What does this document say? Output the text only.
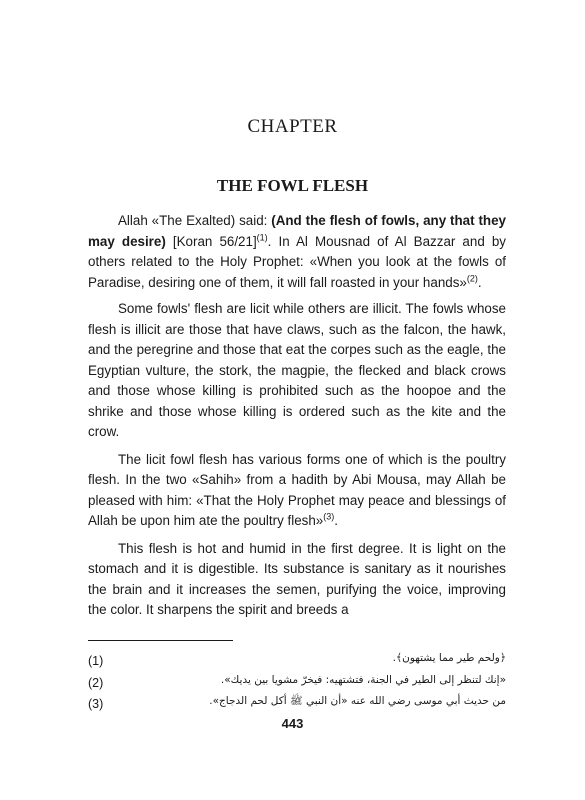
CHAPTER
THE FOWL FLESH

Allah «The Exalted) said: (And the flesh of fowls, any that they may desire) [Koran 56/21]$^{(1)}$. In Al Mousnad of Al Bazzar and by others related to the Holy Prophet: «When you look at the fowls of Paradise, desiring one of them, it will fall roasted in your hands»$^{(2)}$.

Some fowls' flesh are licit while others are illicit. The fowls whose flesh is illicit are those that have claws, such as the falcon, the hawk, and the peregrine and those that eat the corpes such as the eagle, the Egyptian vulture, the stork, the magpie, the flecked and black crows and those whose killing is prohibited such as the hoopoe and the shrike and those whose killing is ordered such as the kite and the crow.

The licit fowl flesh has various forms one of which is the poultry flesh. In the two «Sahih» from a hadith by Abi Mousa, may Allah be pleased with him: «That the Holy Prophet may peace and blessings of Allah be upon him ate the poultry flesh»$^{(3)}$.

This flesh is hot and humid in the first degree. It is light on the stomach and it is digestible. Its substance is sanitary as it nourishes the brain and it increases the semen, purifying the voice, improving the color. It sharpens the spirit and breeds a

(1)	﴿ولحم طير مما يشتهون﴾.
(2)	«إنك لتنظر إلى الطير في الجنة، فتشتهيه: فيخرّ مشويا بين يديك».
(3)	من حديث أبي موسى رضي الله عنه «أن النبي ﷺ أكل لحم الدجاج».
443
